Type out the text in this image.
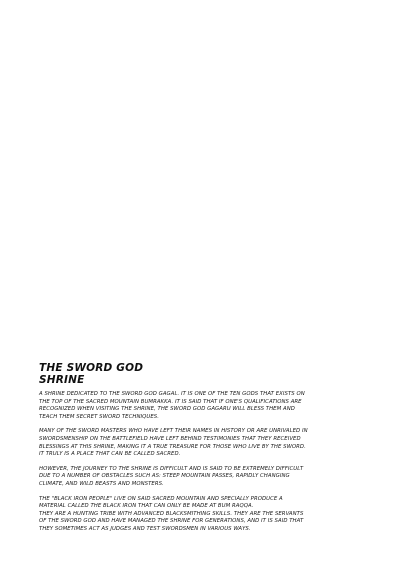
THE SWORD GOD
SHRINE

A SHRINE DEDICATED TO THE SWORD GOD GAGAL. IT IS ONE OF THE TEN GODS THAT EXISTS ON
THE TOP OF THE SACRED MOUNTAIN BUMRAKKA. IT IS SAID THAT IF ONE'S QUALIFICATIONS ARE
RECOGNIZED WHEN VISITING THE SHRINE, THE SWORD GOD GAGARU WILL BLESS THEM AND
TEACH THEM SECRET SWORD TECHNIQUES.

MANY OF THE SWORD MASTERS WHO HAVE LEFT THEIR NAMES IN HISTORY OR ARE UNRIVALED IN
SWORDSMENSHIP ON THE BATTLEFIELD HAVE LEFT BEHIND TESTIMONIES THAT THEY RECEIVED
BLESSINGS AT THIS SHRINE, MAKING IT A TRUE TREASURE FOR THOSE WHO LIVE BY THE SWORD.
IT TRULY IS A PLACE THAT CAN BE CALLED SACRED.

HOWEVER, THE JOURNEY TO THE SHRINE IS DIFFICULT AND IS SAID TO BE EXTREMELY DIFFICULT
DUE TO A NUMBER OF OBSTACLES SUCH AS: STEEP MOUNTAIN PASSES, RAPIDLY CHANGING
CLIMATE, AND WILD BEASTS AND MONSTERS.

THE "BLACK IRON PEOPLE" LIVE ON SAID SACRED MOUNTAIN AND SPECIALLY PRODUCE A
MATERIAL CALLED THE BLACK IRON THAT CAN ONLY BE MADE AT BUM RAQQA.
THEY ARE A HUNTING TRIBE WITH ADVANCED BLACKSMITHING SKILLS. THEY ARE THE SERVANTS
OF THE SWORD GOD AND HAVE MANAGED THE SHRINE FOR GENERATIONS, AND IT IS SAID THAT
THEY SOMETIMES ACT AS JUDGES AND TEST SWORDSMEN IN VARIOUS WAYS.
